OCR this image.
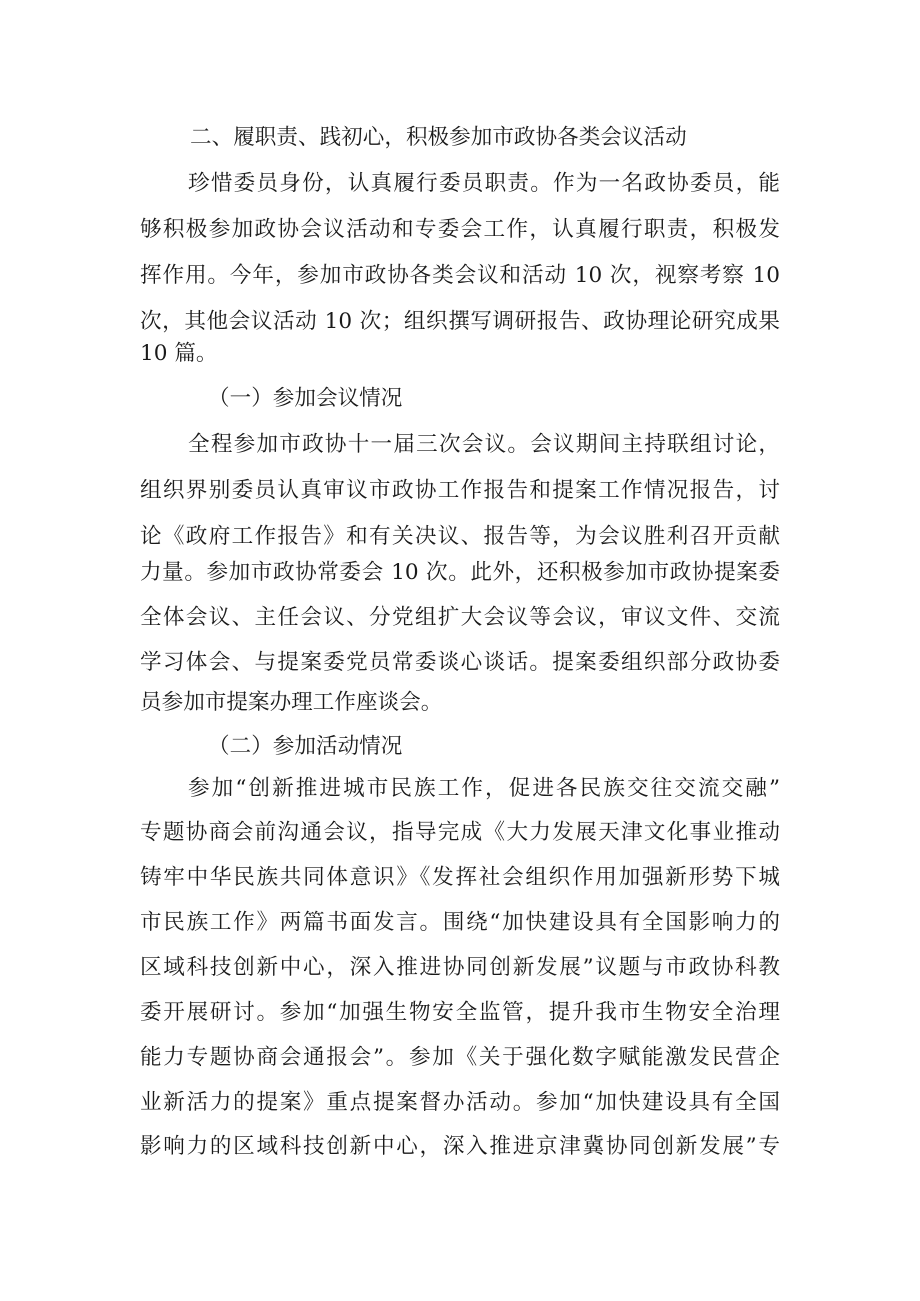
二、履职责、践初心，积极参加市政协各类会议活动
珍惜委员身份，认真履行委员职责。作为一名政协委员，能
够积极参加政协会议活动和专委会工作，认真履行职责，积极发
挥作用。今年，参加市政协各类会议和活动 10 次，视察考察 10
次，其他会议活动 10 次；组织撰写调研报告、政协理论研究成果
10 篇。
（一）参加会议情况
全程参加市政协十一届三次会议。会议期间主持联组讨论，
组织界别委员认真审议市政协工作报告和提案工作情况报告，讨
论《政府工作报告》和有关决议、报告等，为会议胜利召开贡献
力量。参加市政协常委会 10 次。此外，还积极参加市政协提案委
全体会议、主任会议、分党组扩大会议等会议，审议文件、交流
学习体会、与提案委党员常委谈心谈话。提案委组织部分政协委
员参加市提案办理工作座谈会。
（二）参加活动情况
参加“创新推进城市民族工作，促进各民族交往交流交融”
专题协商会前沟通会议，指导完成《大力发展天津文化事业推动
铸牢中华民族共同体意识》《发挥社会组织作用加强新形势下城
市民族工作》两篇书面发言。围绕“加快建设具有全国影响力的
区域科技创新中心，深入推进协同创新发展”议题与市政协科教
委开展研讨。参加“加强生物安全监管，提升我市生物安全治理
能力专题协商会通报会”。参加《关于强化数字赋能激发民营企
业新活力的提案》重点提案督办活动。参加“加快建设具有全国
影响力的区域科技创新中心，深入推进京津冀协同创新发展”专
